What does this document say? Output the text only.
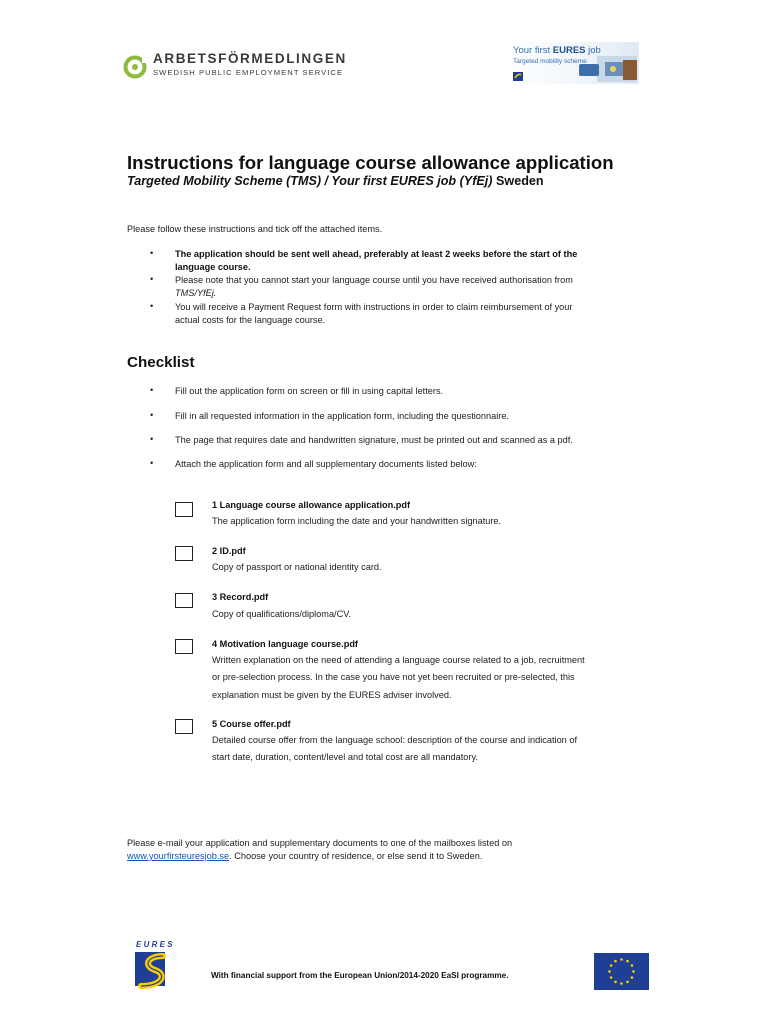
ARBETSFÖRMEDLINGEN
SWEDISH PUBLIC EMPLOYMENT SERVICE
Your first EURES job
Targeted mobility scheme
Instructions for language course allowance application
Targeted Mobility Scheme (TMS) / Your first EURES job (YfEj) Sweden
Please follow these instructions and tick off the attached items.
• The application should be sent well ahead, preferably at least 2 weeks before the start of the
language course.
• Please note that you cannot start your language course until you have received authorisation from
TMS/YfEj.
• You will receive a Payment Request form with instructions in order to claim reimbursement of your
actual costs for the language course.
Checklist
• Fill out the application form on screen or fill in using capital letters.
• Fill in all requested information in the application form, including the questionnaire.
• The page that requires date and handwritten signature, must be printed out and scanned as a pdf.
• Attach the application form and all supplementary documents listed below:
1 Language course allowance application.pdf
The application form including the date and your handwritten signature.
2 ID.pdf
Copy of passport or national identity card.
3 Record.pdf
Copy of qualifications/diploma/CV.
4 Motivation language course.pdf
Written explanation on the need of attending a language course related to a job, recruitment
or pre-selection process. In the case you have not yet been recruited or pre-selected, this
explanation must be given by the EURES adviser involved.
5 Course offer.pdf
Detailed course offer from the language school: description of the course and indication of
start date, duration, content/level and total cost are all mandatory.
Please e-mail your application and supplementary documents to one of the mailboxes listed on
www.yourfirsteuresjob.se. Choose your country of residence, or else send it to Sweden.
EURES
With financial support from the European Union/2014-2020 EaSI programme.
